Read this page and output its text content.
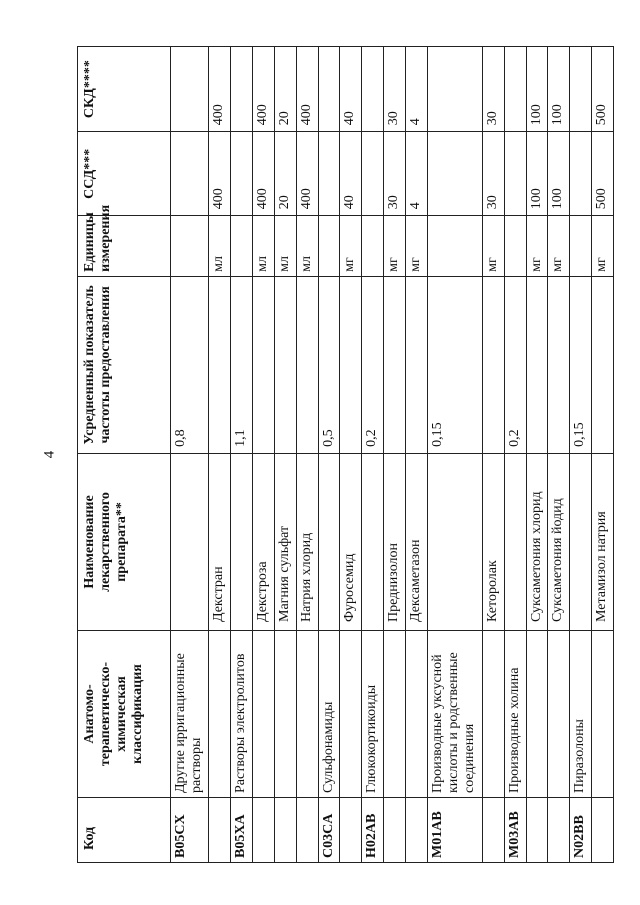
4
Код	Анатомо-терапевтическо-химическая классификация	Наименование лекарственного препарата**	Усредненный показатель частоты предоставления	Единицы измерения	ССД***	СКД****
B05CX	Другие ирригационные растворы		0,8			
		Декстран		мл	400	400
B05XA	Растворы электролитов		1,1			
		Декстроза		мл	400	400
		Магния сульфат		мл	20	20
		Натрия хлорид		мл	400	400
C03CA	Сульфонамиды		0,5			
		Фуросемид		мг	40	40
H02AB	Глюкокортикоиды		0,2			
		Преднизолон		мг	30	30
		Дексаметазон		мг	4	4
M01AB	Производные уксусной кислоты и родственные соединения		0,15			
		Кеторолак		мг	30	30
M03AB	Производные холина		0,2			
		Суксаметония хлорид		мг	100	100
		Суксаметония йодид		мг	100	100
N02BB	Пиразолоны		0,15			
		Метамизол натрия		мг	500	500
